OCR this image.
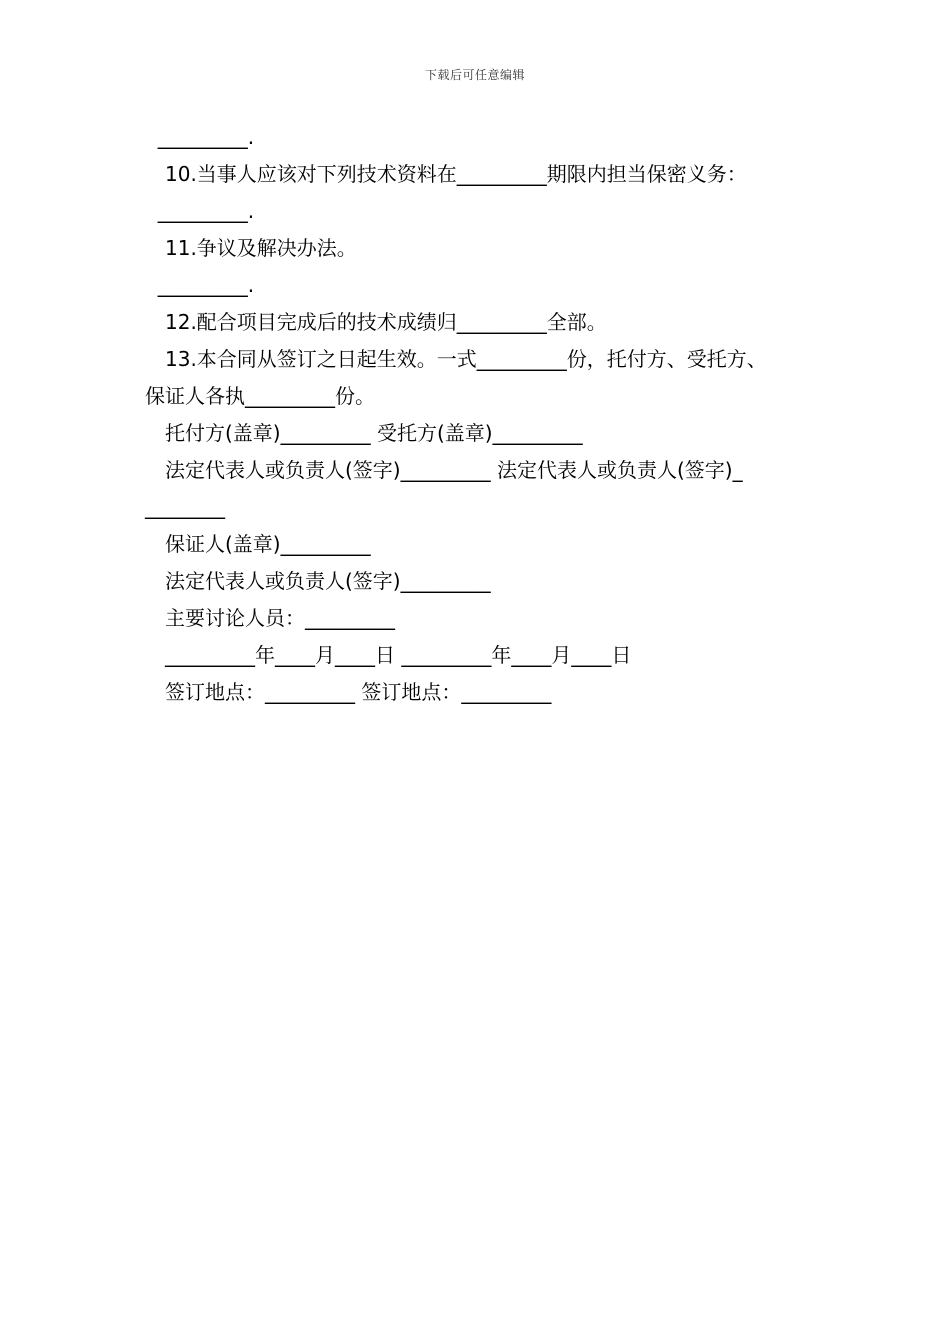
下载后可任意编辑

_________.

10.当事人应该对下列技术资料在_________期限内担当保密义务：

_________.

11.争议及解决办法。

_________.

12.配合项目完成后的技术成绩归_________全部。

13.本合同从签订之日起生效。一式_________份，托付方、受托方、

保证人各执_________份。

托付方(盖章)_________ 受托方(盖章)_________

法定代表人或负责人(签字)_________ 法定代表人或负责人(签字)_

________

保证人(盖章)_________

法定代表人或负责人(签字)_________

主要讨论人员：_________

_________年____月____日 _________年____月____日

签订地点：_________ 签订地点：_________
